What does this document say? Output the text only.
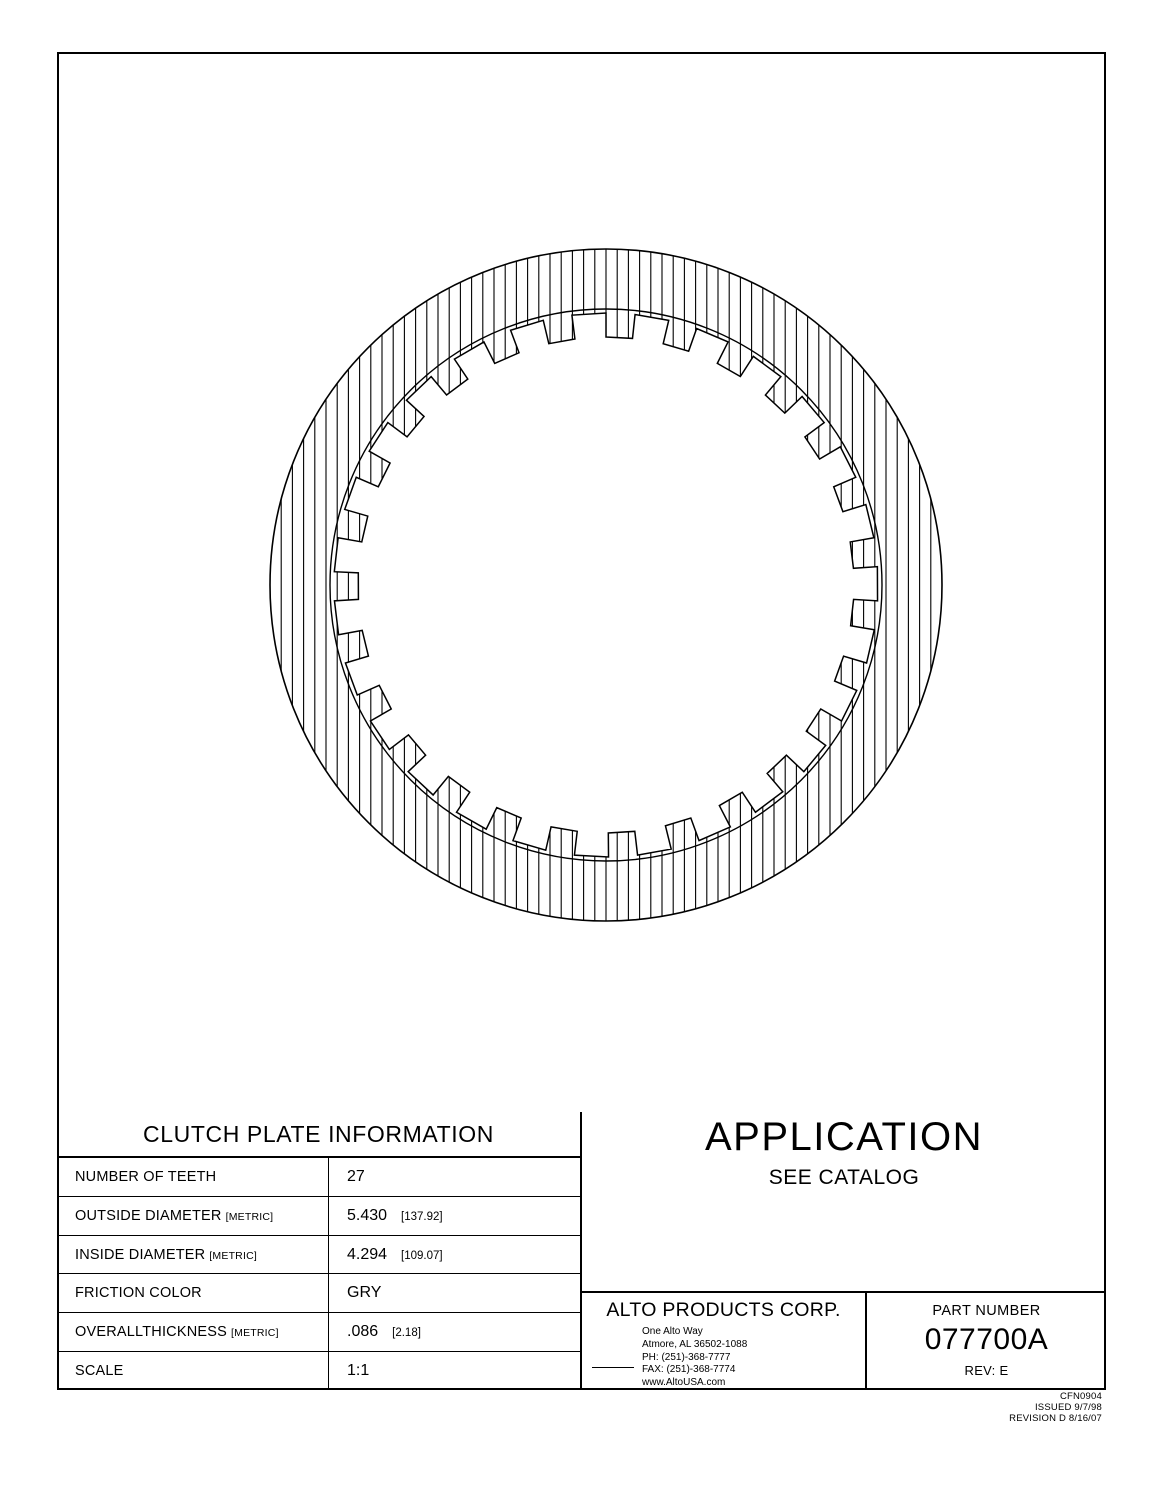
CLUTCH PLATE INFORMATION
NUMBER OF TEETH	27
OUTSIDE DIAMETER [METRIC]	5.430 [137.92]
INSIDE DIAMETER [METRIC]	4.294 [109.07]
FRICTION COLOR	GRY
OVERALLTHICKNESS [METRIC]	.086 [2.18]
SCALE	1:1
APPLICATION
SEE CATALOG
ALTO PRODUCTS CORP.
One Alto Way
Atmore, AL 36502-1088
PH: (251)-368-7777
FAX: (251)-368-7774
www.AltoUSA.com
PART NUMBER
077700A
REV: E
CFN0904
ISSUED 9/7/98
REVISION D 8/16/07
